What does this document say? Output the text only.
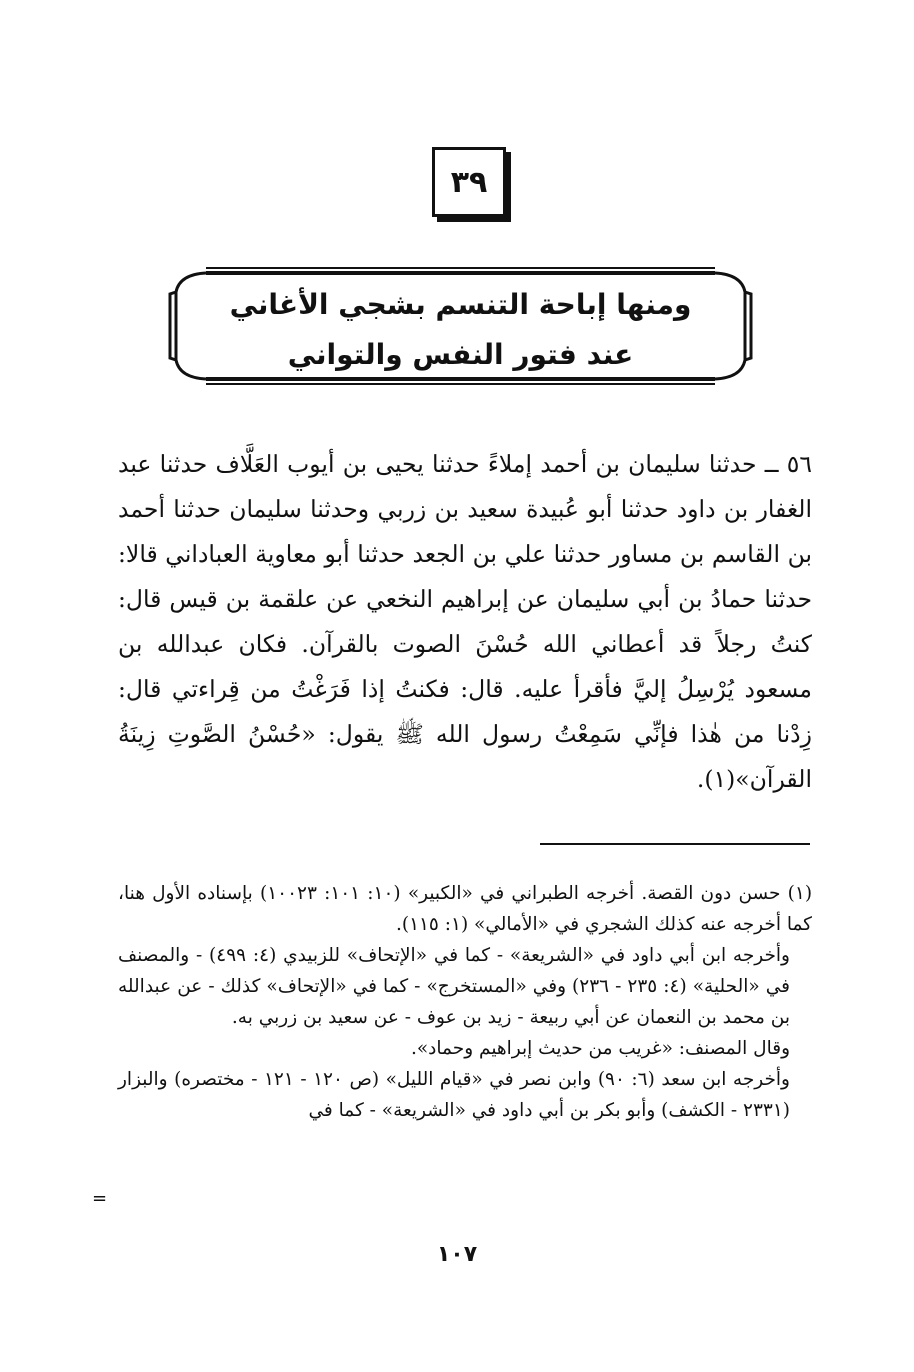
٣٩
ومنها إباحة التنسم بشجي الأغاني
عند فتور النفس والتواني

٥٦ ــ حدثنا سليمان بن أحمد إملاءً حدثنا يحيى بن أيوب العَلَّاف حدثنا عبد الغفار بن داود حدثنا أبو عُبيدة سعيد بن زربي وحدثنا سليمان حدثنا أحمد بن القاسم بن مساور حدثنا علي بن الجعد حدثنا أبو معاوية العباداني قالا: حدثنا حمادُ بن أبي سليمان عن إبراهيم النخعي عن علقمة بن قيس قال: كنتُ رجلاً قد أعطاني الله حُسْنَ الصوت بالقرآن. فكان عبدالله بن مسعود يُرْسِلُ إليَّ فأقرأ عليه. قال: فكنتُ إذا فَرَغْتُ من قِراءتي قال: زِدْنا من هٰذا فإنِّي سَمِعْتُ رسول الله ﷺ يقول: «حُسْنُ الصَّوتِ زِينَةُ القرآن»(١).

(١) حسن دون القصة. أخرجه الطبراني في «الكبير» (١٠: ١٠١: ١٠٠٢٣) بإسناده الأول هنا، كما أخرجه عنه كذلك الشجري في «الأمالي» (١: ١١٥).

وأخرجه ابن أبي داود في «الشريعة» - كما في «الإتحاف» للزبيدي (٤: ٤٩٩) - والمصنف في «الحلية» (٤: ٢٣٥ - ٢٣٦) وفي «المستخرج» - كما في «الإتحاف» كذلك - عن عبدالله بن محمد بن النعمان عن أبي ربيعة - زيد بن عوف - عن سعيد بن زربي به.

وقال المصنف: «غريب من حديث إبراهيم وحماد».

وأخرجه ابن سعد (٦: ٩٠) وابن نصر في «قيام الليل» (ص ١٢٠ - ١٢١ - مختصره) والبزار (٢٣٣١ - الكشف) وأبو بكر بن أبي داود في «الشريعة» - كما في

=
١٠٧
